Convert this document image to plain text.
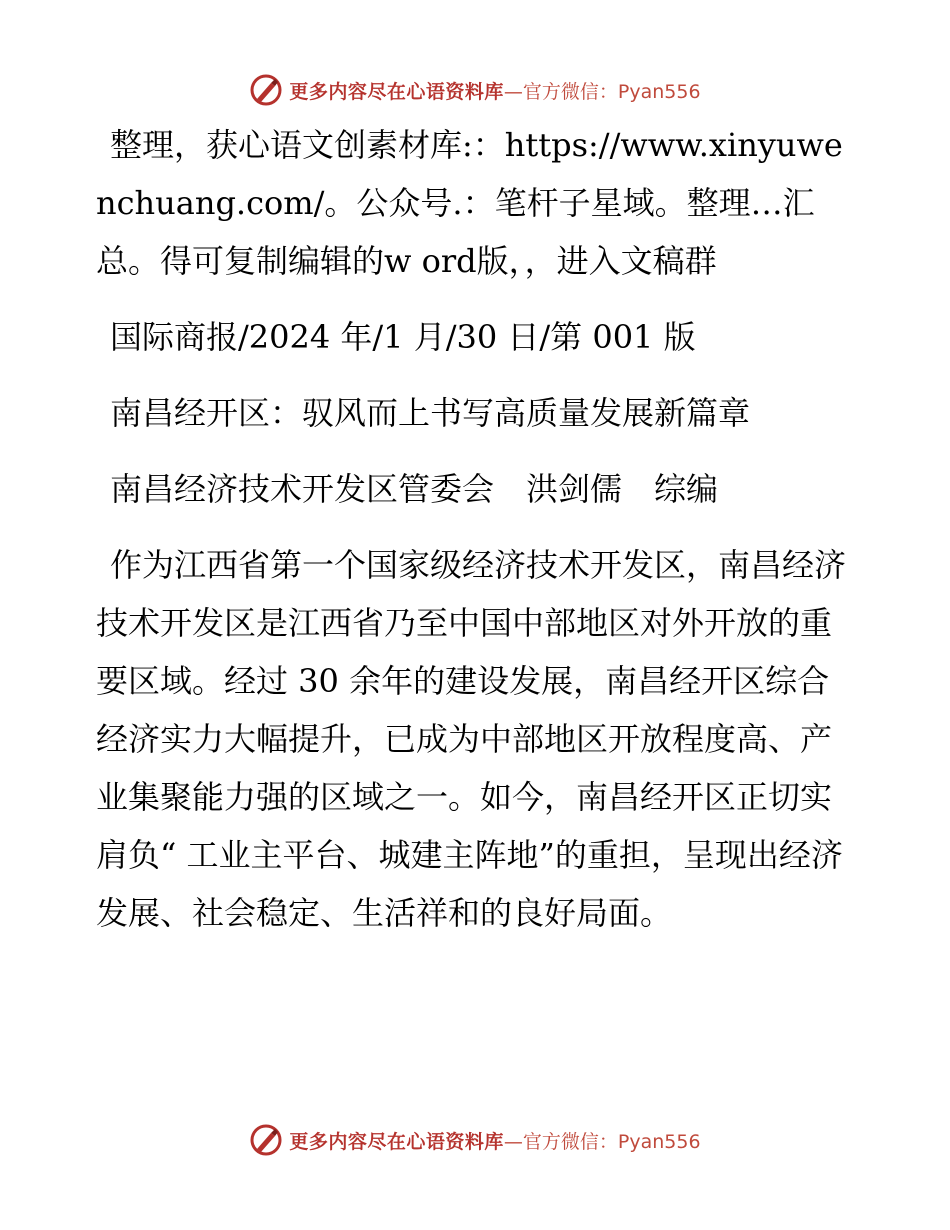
更多内容尽在心语资料库 —官方微信：Pyan556

整理，获心语文创素材库:：https://www.xinyuwenchuang.com/。公众号.：笔杆子星域。整理…汇总。得可复制编辑的w ord版，，进入文稿群

国际商报/2024 年/1 月/30 日/第 001 版

南昌经开区：驭风而上书写高质量发展新篇章

南昌经济技术开发区管委会　洪剑儒　综编

作为江西省第一个国家级经济技术开发区，南昌经济技术开发区是江西省乃至中国中部地区对外开放的重要区域。经过 30 余年的建设发展，南昌经开区综合经济实力大幅提升，已成为中部地区开放程度高、产业集聚能力强的区域之一。如今，南昌经开区正切实肩负“ 工业主平台、城建主阵地”的重担，呈现出经济发展、社会稳定、生活祥和的良好局面。

更多内容尽在心语资料库 —官方微信：Pyan556
